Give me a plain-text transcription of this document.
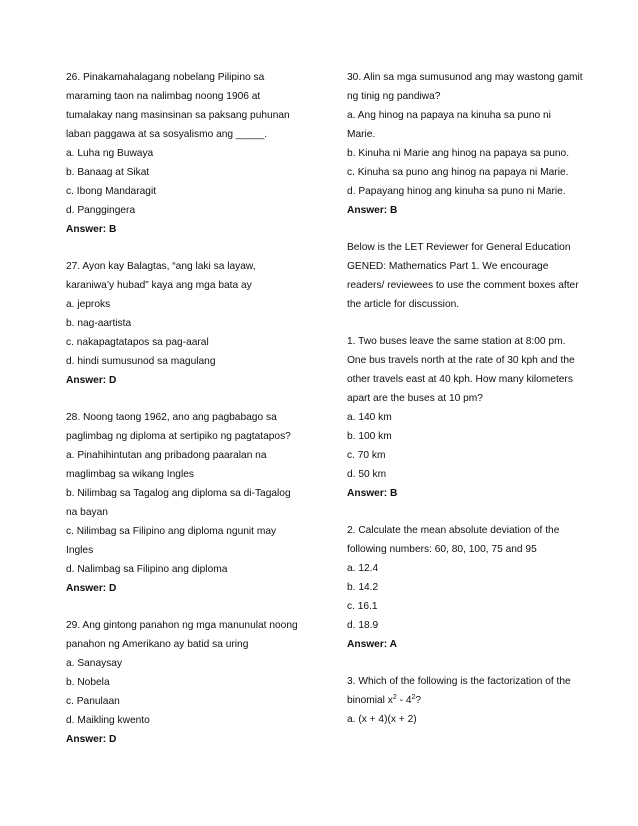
26. Pinakamahalagang nobelang Pilipino sa
maraming taon na nalimbag noong 1906 at
tumalakay nang masinsinan sa paksang puhunan
laban paggawa at sa sosyalismo ang _____.
a. Luha ng Buwaya
b. Banaag at Sikat
c. Ibong Mandaragit
d. Panggingera
Answer: B
27. Ayon kay Balagtas, “ang laki sa layaw,
karaniwa’y hubad” kaya ang mga bata ay
a. jeproks
b. nag-aartista
c. nakapagtatapos sa pag-aaral
d. hindi sumusunod sa magulang
Answer: D
28. Noong taong 1962, ano ang pagbabago sa
paglimbag ng diploma at sertipiko ng pagtatapos?
a. Pinahihintutan ang pribadong paaralan na
maglimbag sa wikang Ingles
b. Nilimbag sa Tagalog ang diploma sa di-Tagalog
na bayan
c. Nilimbag sa Filipino ang diploma ngunit may
Ingles
d. Nalimbag sa Filipino ang diploma
Answer: D
29. Ang gintong panahon ng mga manunulat noong
panahon ng Amerikano ay batid sa uring
a. Sanaysay
b. Nobela
c. Panulaan
d. Maikling kwento
Answer: D
30. Alin sa mga sumusunod ang may wastong gamit
ng tinig ng pandiwa?
a. Ang hinog na papaya na kinuha sa puno ni
Marie.
b. Kinuha ni Marie ang hinog na papaya sa puno.
c. Kinuha sa puno ang hinog na papaya ni Marie.
d. Papayang hinog ang kinuha sa puno ni Marie.
Answer: B
Below is the LET Reviewer for General Education
GENED: Mathematics Part 1. We encourage
readers/ reviewees to use the comment boxes after
the article for discussion.
1. Two buses leave the same station at 8:00 pm.
One bus travels north at the rate of 30 kph and the
other travels east at 40 kph. How many kilometers
apart are the buses at 10 pm?
a. 140 km
b. 100 km
c. 70 km
d. 50 km
Answer: B
2. Calculate the mean absolute deviation of the
following numbers: 60, 80, 100, 75 and 95
a. 12.4
b. 14.2
c. 16.1
d. 18.9
Answer: A
3. Which of the following is the factorization of the
binomial $x^2 - 4^2$?
a. (x + 4)(x + 2)
